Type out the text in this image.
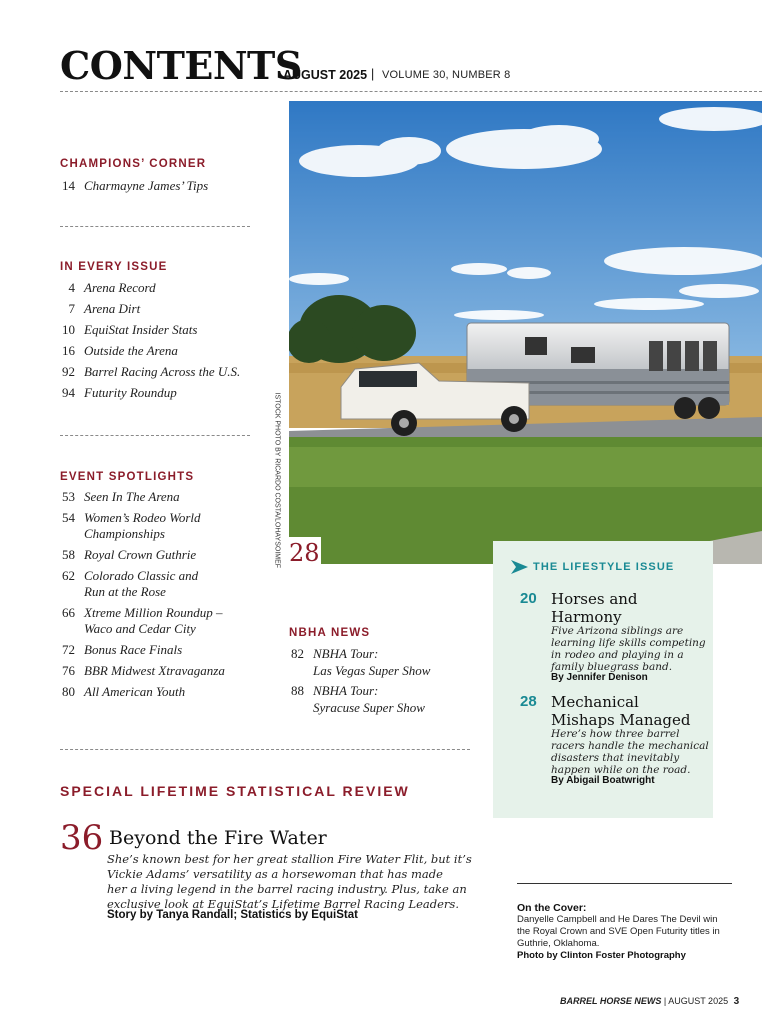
CONTENTS
AUGUST 2025 | VOLUME 30, NUMBER 8
ISTOCK PHOTO BY RICARDO COSTA/LOHAYSOIMEF 28
CHAMPIONS’ CORNER
14 Charmayne James’ Tips
IN EVERY ISSUE
4 Arena Record
7 Arena Dirt
10 EquiStat Insider Stats
16 Outside the Arena
92 Barrel Racing Across the U.S.
94 Futurity Roundup
EVENT SPOTLIGHTS
53 Seen In The Arena
54 Women’s Rodeo World
Championships
58 Royal Crown Guthrie
62 Colorado Classic and
Run at the Rose
66 Xtreme Million Roundup –
Waco and Cedar City
72 Bonus Race Finals
76 BBR Midwest Xtravaganza
80 All American Youth
NBHA NEWS
82 NBHA Tour:
Las Vegas Super Show
88 NBHA Tour:
Syracuse Super Show
THE LIFESTYLE ISSUE
20 Horses and
Harmony
Five Arizona siblings are
learning life skills competing
in rodeo and playing in a
family bluegrass band.
By Jennifer Denison
28 Mechanical
Mishaps Managed
Here’s how three barrel
racers handle the mechanical
disasters that inevitably
happen while on the road.
By Abigail Boatwright
SPECIAL LIFETIME STATISTICAL REVIEW
36 Beyond the Fire Water
She’s known best for her great stallion Fire Water Flit, but it’s
Vickie Adams’ versatility as a horsewoman that has made
her a living legend in the barrel racing industry. Plus, take an
exclusive look at EquiStat’s Lifetime Barrel Racing Leaders.
Story by Tanya Randall; Statistics by EquiStat
On the Cover:
Danyelle Campbell and He Dares The Devil win
the Royal Crown and SVE Open Futurity titles in
Guthrie, Oklahoma.
Photo by Clinton Foster Photography
BARREL HORSE NEWS | AUGUST 2025 3
